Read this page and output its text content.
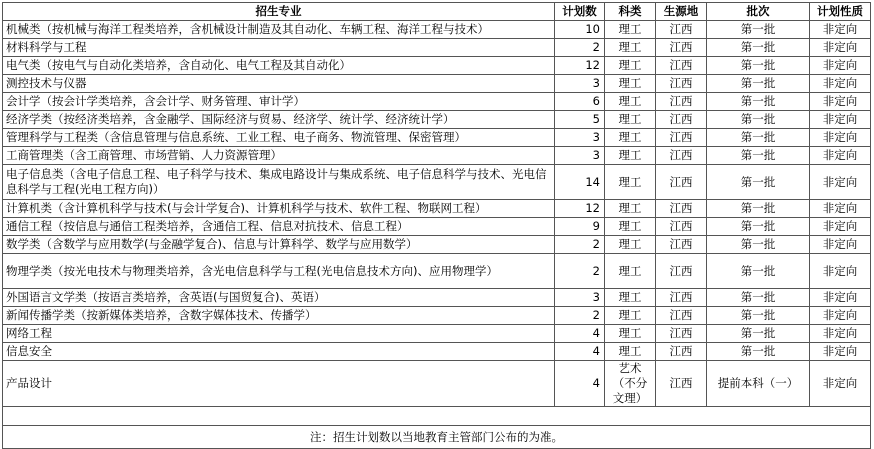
招生专业	计划数	科类	生源地	批次	计划性质
机械类（按机械与海洋工程类培养，含机械设计制造及其自动化、车辆工程、海洋工程与技术）	10	理工	江西	第一批	非定向
材料科学与工程	2	理工	江西	第一批	非定向
电气类（按电气与自动化类培养，含自动化、电气工程及其自动化）	12	理工	江西	第一批	非定向
测控技术与仪器	3	理工	江西	第一批	非定向
会计学（按会计学类培养，含会计学、财务管理、审计学）	6	理工	江西	第一批	非定向
经济学类（按经济类培养，含金融学、国际经济与贸易、经济学、统计学、经济统计学）	5	理工	江西	第一批	非定向
管理科学与工程类（含信息管理与信息系统、工业工程、电子商务、物流管理、保密管理）	3	理工	江西	第一批	非定向
工商管理类（含工商管理、市场营销、人力资源管理）	3	理工	江西	第一批	非定向
电子信息类（含电子信息工程、电子科学与技术、集成电路设计与集成系统、电子信息科学与技术、光电信息科学与工程(光电工程方向)）	14	理工	江西	第一批	非定向
计算机类（含计算机科学与技术(与会计学复合)、计算机科学与技术、软件工程、物联网工程）	12	理工	江西	第一批	非定向
通信工程（按信息与通信工程类培养，含通信工程、信息对抗技术、信息工程）	9	理工	江西	第一批	非定向
数学类（含数学与应用数学(与金融学复合)、信息与计算科学、数学与应用数学）	2	理工	江西	第一批	非定向
物理学类（按光电技术与物理类培养，含光电信息科学与工程(光电信息技术方向)、应用物理学）	2	理工	江西	第一批	非定向
外国语言文学类（按语言类培养，含英语(与国贸复合)、英语）	3	理工	江西	第一批	非定向
新闻传播学类（按新媒体类培养，含数字媒体技术、传播学）	2	理工	江西	第一批	非定向
网络工程	4	理工	江西	第一批	非定向
信息安全	4	理工	江西	第一批	非定向
产品设计	4	艺术（不分文理）	江西	提前本科（一）	非定向

注：招生计划数以当地教育主管部门公布的为准。					
